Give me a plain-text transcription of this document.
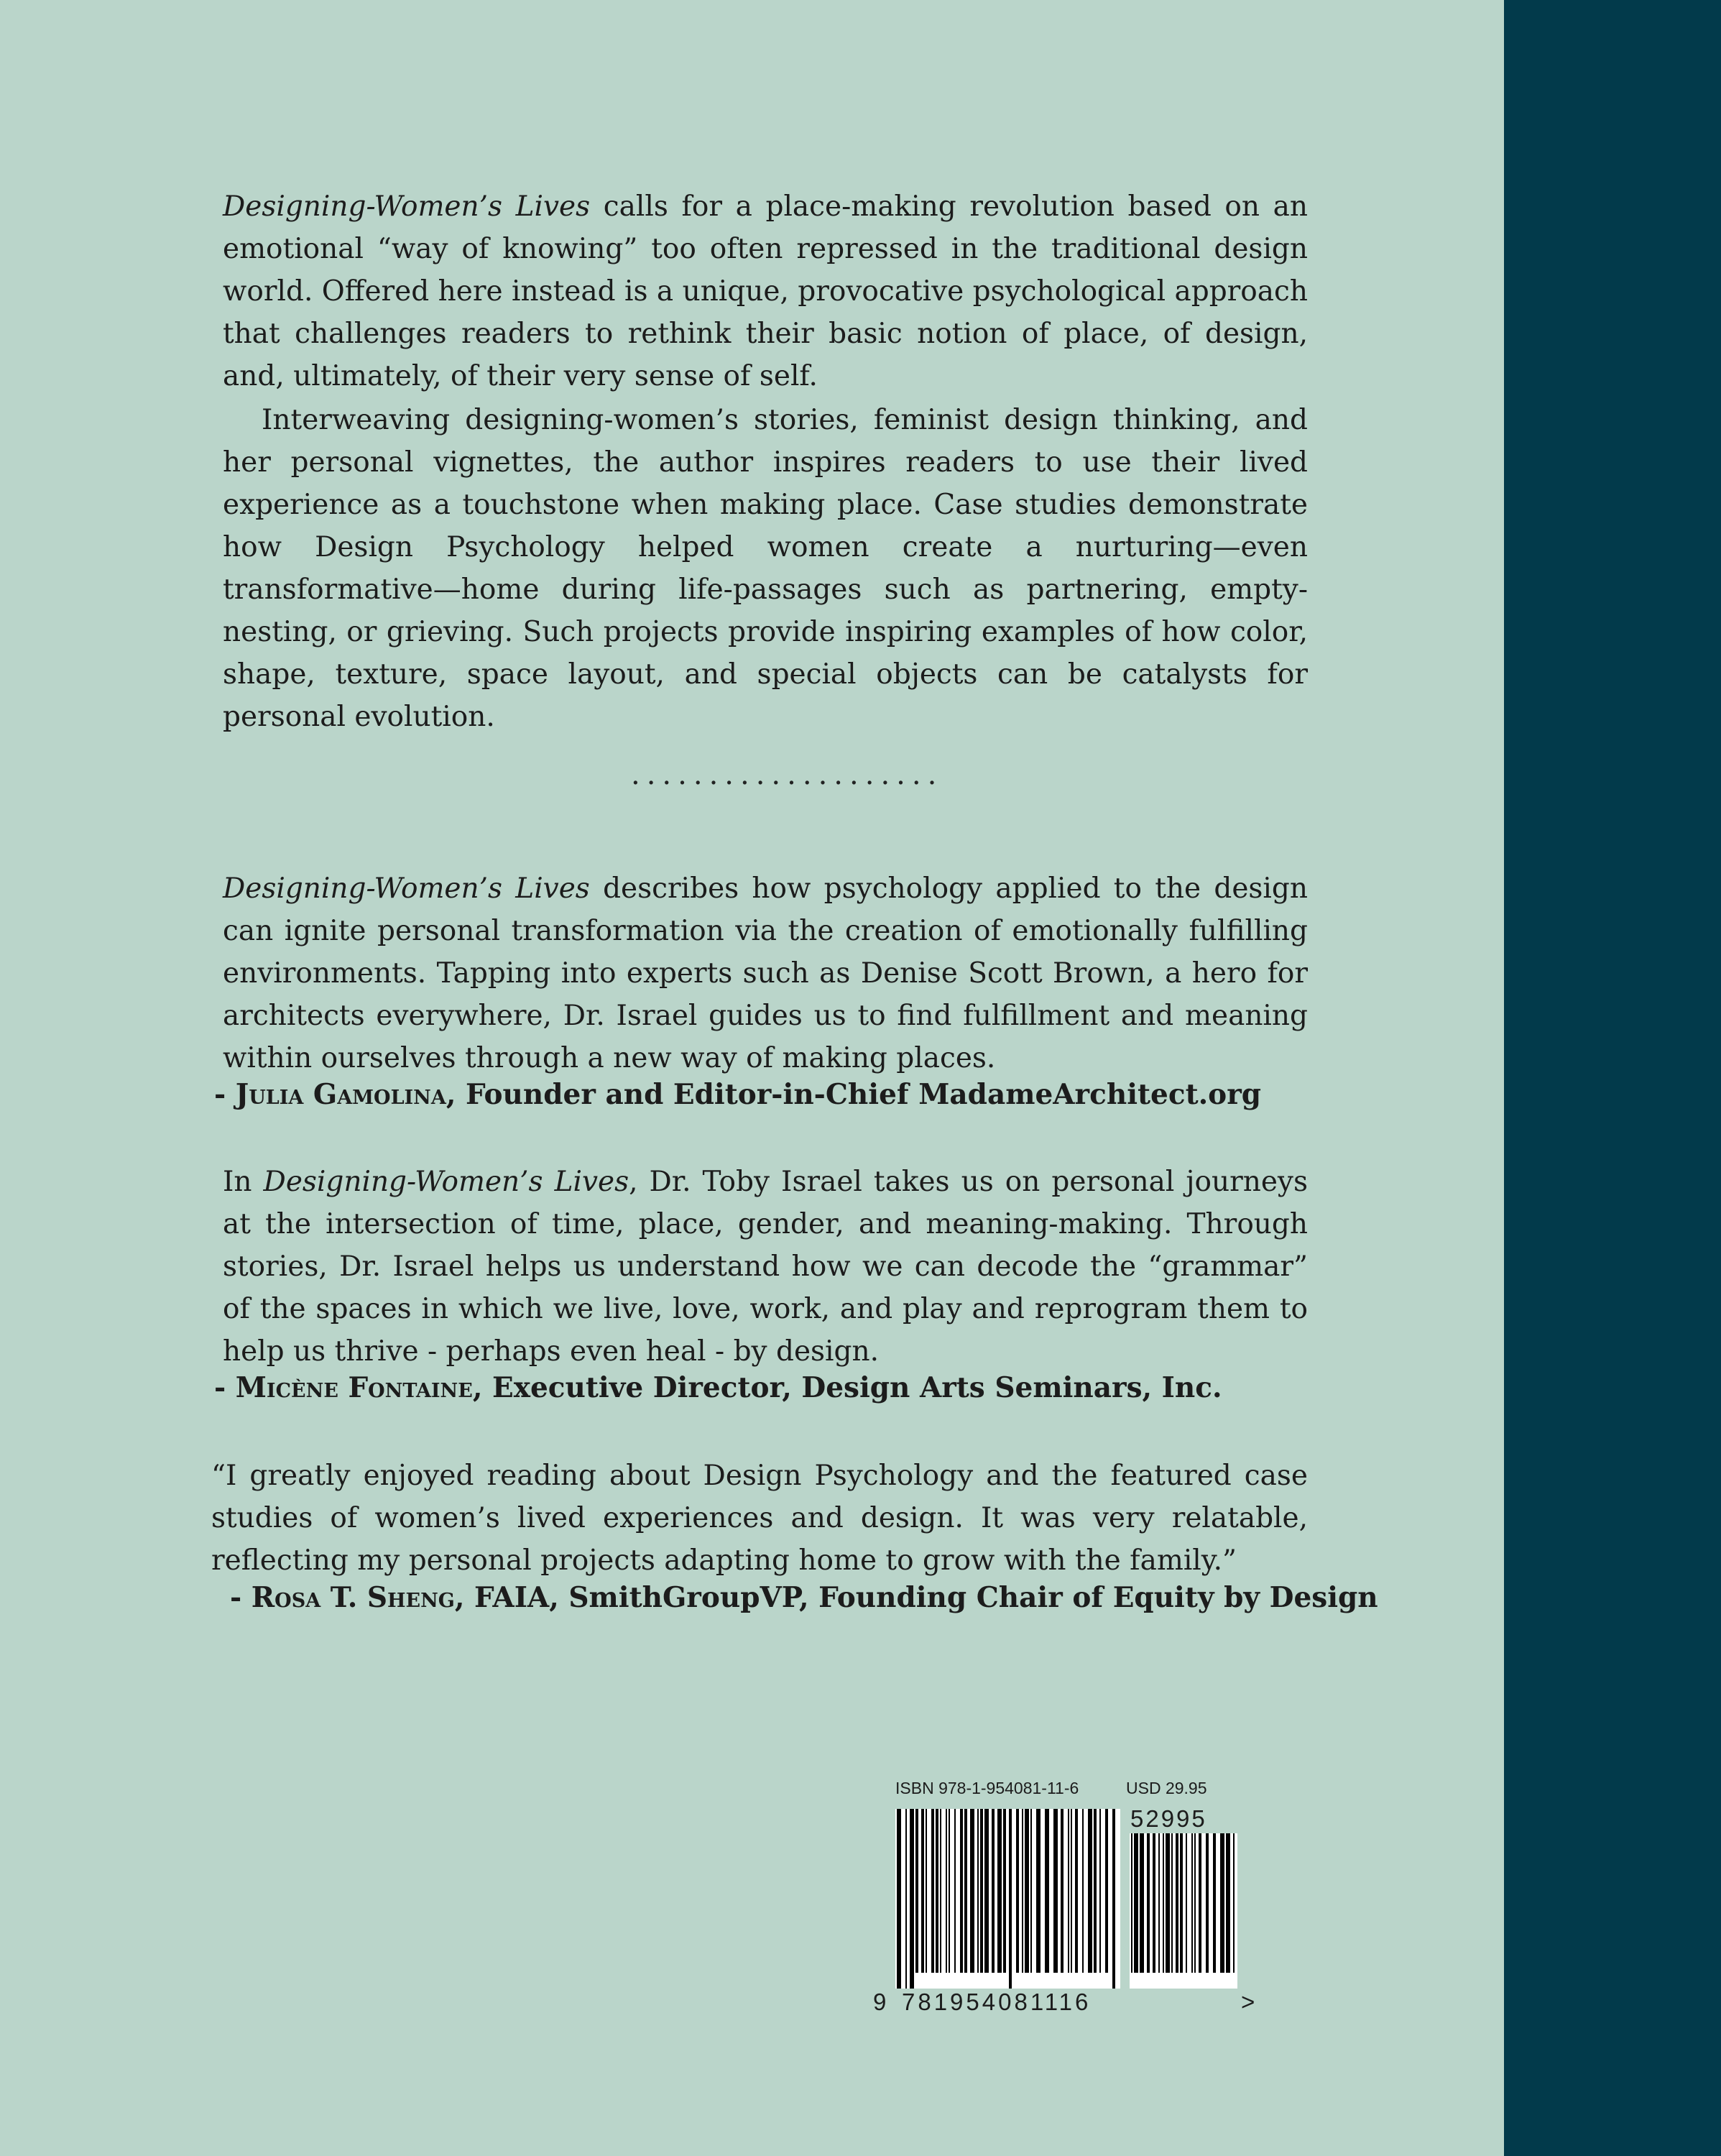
Designing-Women’s Lives calls for a place-making revolution based on an emotional “way of knowing” too often repressed in the traditional design world. Offered here instead is a unique, provocative psychological approach that challenges readers to rethink their basic notion of place, of design, and, ultimately, of their very sense of self.

Interweaving designing-women’s stories, feminist design thinking, and her personal vignettes, the author inspires readers to use their lived experience as a touchstone when making place. Case studies demonstrate how Design Psychology helped women create a nurturing—even transformative—home during life-passages such as partnering, empty-nesting, or grieving. Such projects provide inspiring examples of how color, shape, texture, space layout, and special objects can be catalysts for personal evolution.

....................

Designing-Women’s Lives describes how psychology applied to the design can ignite personal transformation via the creation of emotionally fulfilling environments. Tapping into experts such as Denise Scott Brown, a hero for architects everywhere, Dr. Israel guides us to find fulfillment and meaning within ourselves through a new way of making places.

- Julia Gamolina, Founder and Editor-in-Chief MadameArchitect.org

In Designing-Women’s Lives, Dr. Toby Israel takes us on personal journeys at the intersection of time, place, gender, and meaning-making. Through stories, Dr. Israel helps us understand how we can decode the “grammar” of the spaces in which we live, love, work, and play and reprogram them to help us thrive - perhaps even heal - by design.

- Micène Fontaine, Executive Director, Design Arts Seminars, Inc.

“I greatly enjoyed reading about Design Psychology and the featured case studies of women’s lived experiences and design. It was very relatable, reflecting my personal projects adapting home to grow with the family.”

- Rosa T. Sheng, FAIA, SmithGroupVP, Founding Chair of Equity by Design
ISBN 978-1-954081-11-6	USD 29.95
52995
9 781954081116	>
